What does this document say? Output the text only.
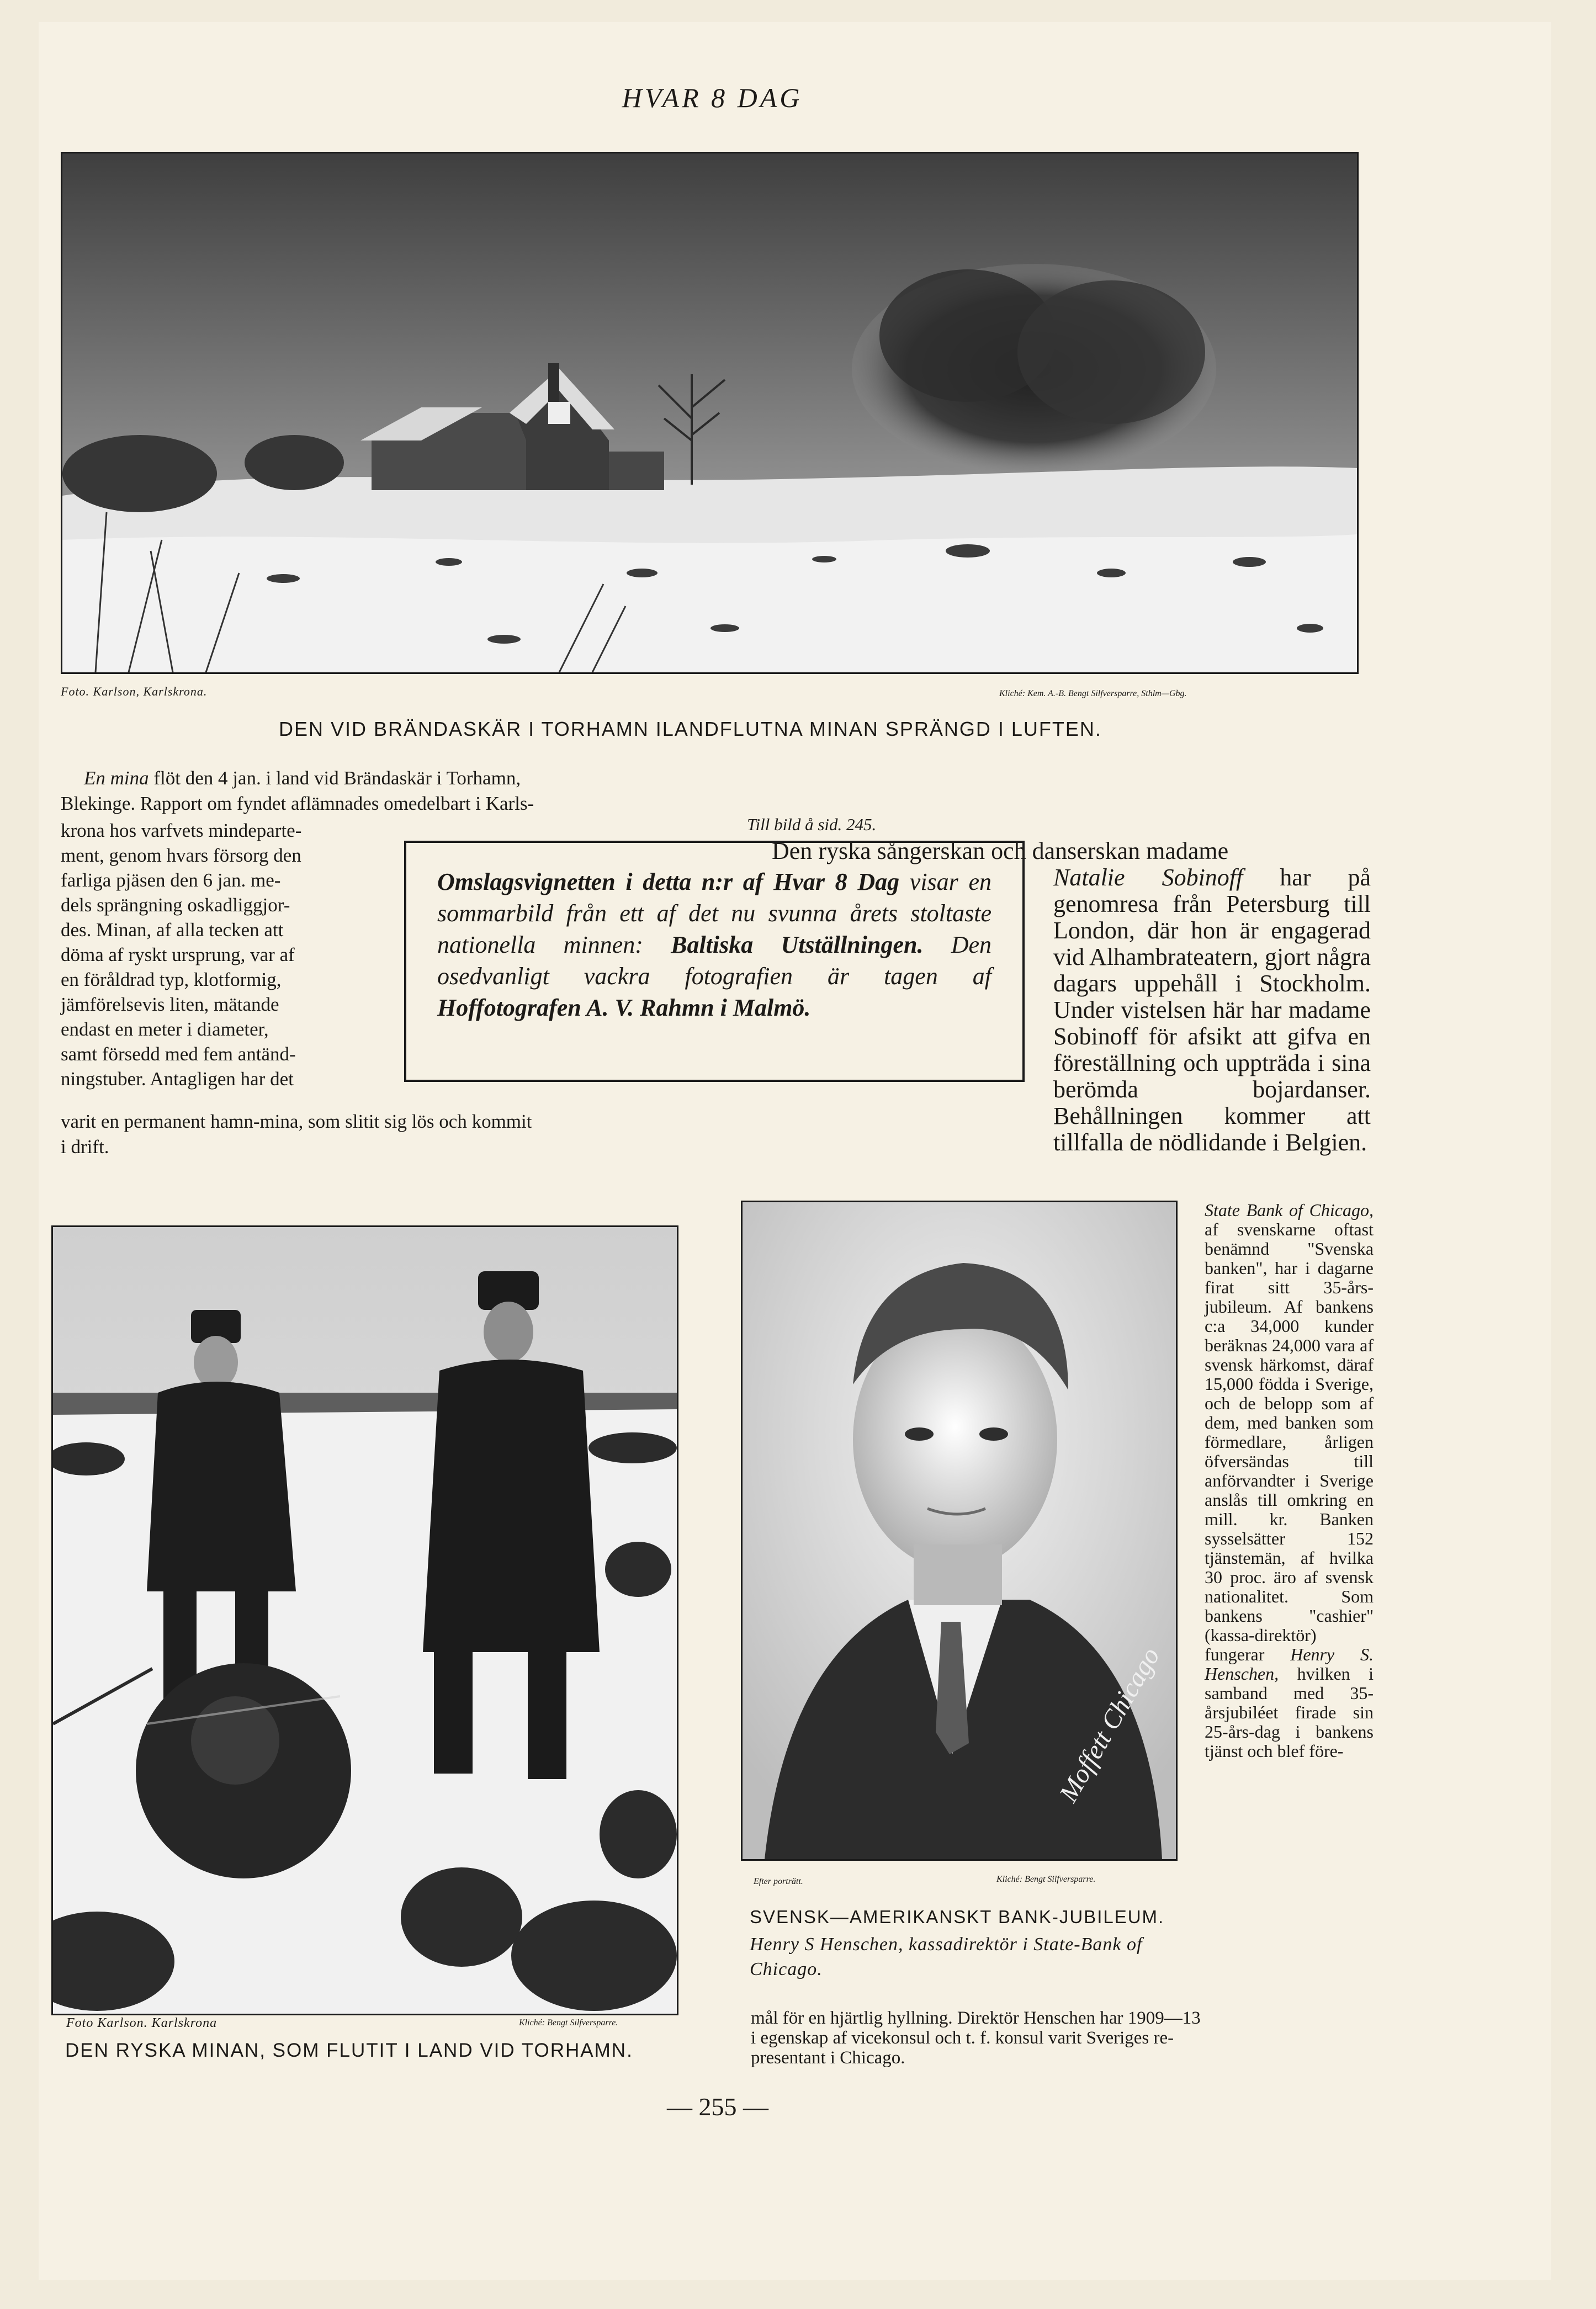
HVAR 8 DAG
Foto. Karlson, Karlskrona.	Kliché: Kem. A.-B. Bengt Silfversparre, Sthlm—Gbg.
DEN VID BRÄNDASKÄR I TORHAMN ILANDFLUTNA MINAN SPRÄNGD I LUFTEN.
En mina flöt den 4 jan. i land vid Brändaskär i Torhamn,
Blekinge. Rapport om fyndet aflämnades omedelbart i Karls-
krona hos varfvets mindeparte-
ment, genom hvars försorg den
farliga pjäsen den 6 jan. me-
dels sprängning oskadliggjor-
des. Minan, af alla tecken att
döma af ryskt ursprung, var af
en föråldrad typ, klotformig,
jämförelsevis liten, mätande
endast en meter i diameter,
samt försedd med fem antänd-
ningstuber. Antagligen har det
varit en permanent hamn-mina, som slitit sig lös och kommit
i drift.
Omslagsvignetten i detta n:r af Hvar 8 Dag visar en sommarbild från ett af det nu svunna årets stoltaste nationella minnen: Baltiska Utställningen. Den osedvanligt vackra fotografien är tagen af Hoffotografen A. V. Rahmn i Malmö.
Till bild å sid. 245.
Den ryska sångerskan och danserskan madame
Natalie Sobinoff har på genomresa från Petersburg till London, där hon är engagerad vid Alhambrateatern, gjort några dagars uppehåll i Stockholm. Under vistelsen här har madame Sobinoff för afsikt att gifva en föreställning och uppträda i sina berömda bojardanser. Behållningen kommer att tillfalla de nödlidande i Belgien.
Foto Karlson. Karlskrona	Kliché: Bengt Silfversparre.
DEN RYSKA MINAN, SOM FLUTIT I LAND VID TORHAMN.
Moffett Chicago
Efter porträtt.	Kliché: Bengt Silfversparre.
SVENSK—AMERIKANSKT BANK-JUBILEUM.
Henry S Henschen, kassadirektör i State-Bank of Chicago.
State Bank of Chicago, af svenskarne oftast benämnd "Svenska banken", har i dagarne firat sitt 35-års-jubileum. Af bankens c:a 34,000 kunder beräknas 24,000 vara af svensk härkomst, däraf 15,000 födda i Sverige, och de belopp som af dem, med banken som förmedlare, årligen öfversändas till anförvandter i Sverige anslås till omkring en mill. kr. Banken sysselsätter 152 tjänstemän, af hvilka 30 proc. äro af svensk nationalitet. Som bankens "cashier" (kassa-direktör) fungerar Henry S. Henschen, hvilken i samband med 35-årsjubiléet firade sin 25-års-dag i bankens tjänst och blef före-
mål för en hjärtlig hyllning. Direktör Henschen har 1909—13
i egenskap af vicekonsul och t. f. konsul varit Sveriges re-
presentant i Chicago.
— 255 —
